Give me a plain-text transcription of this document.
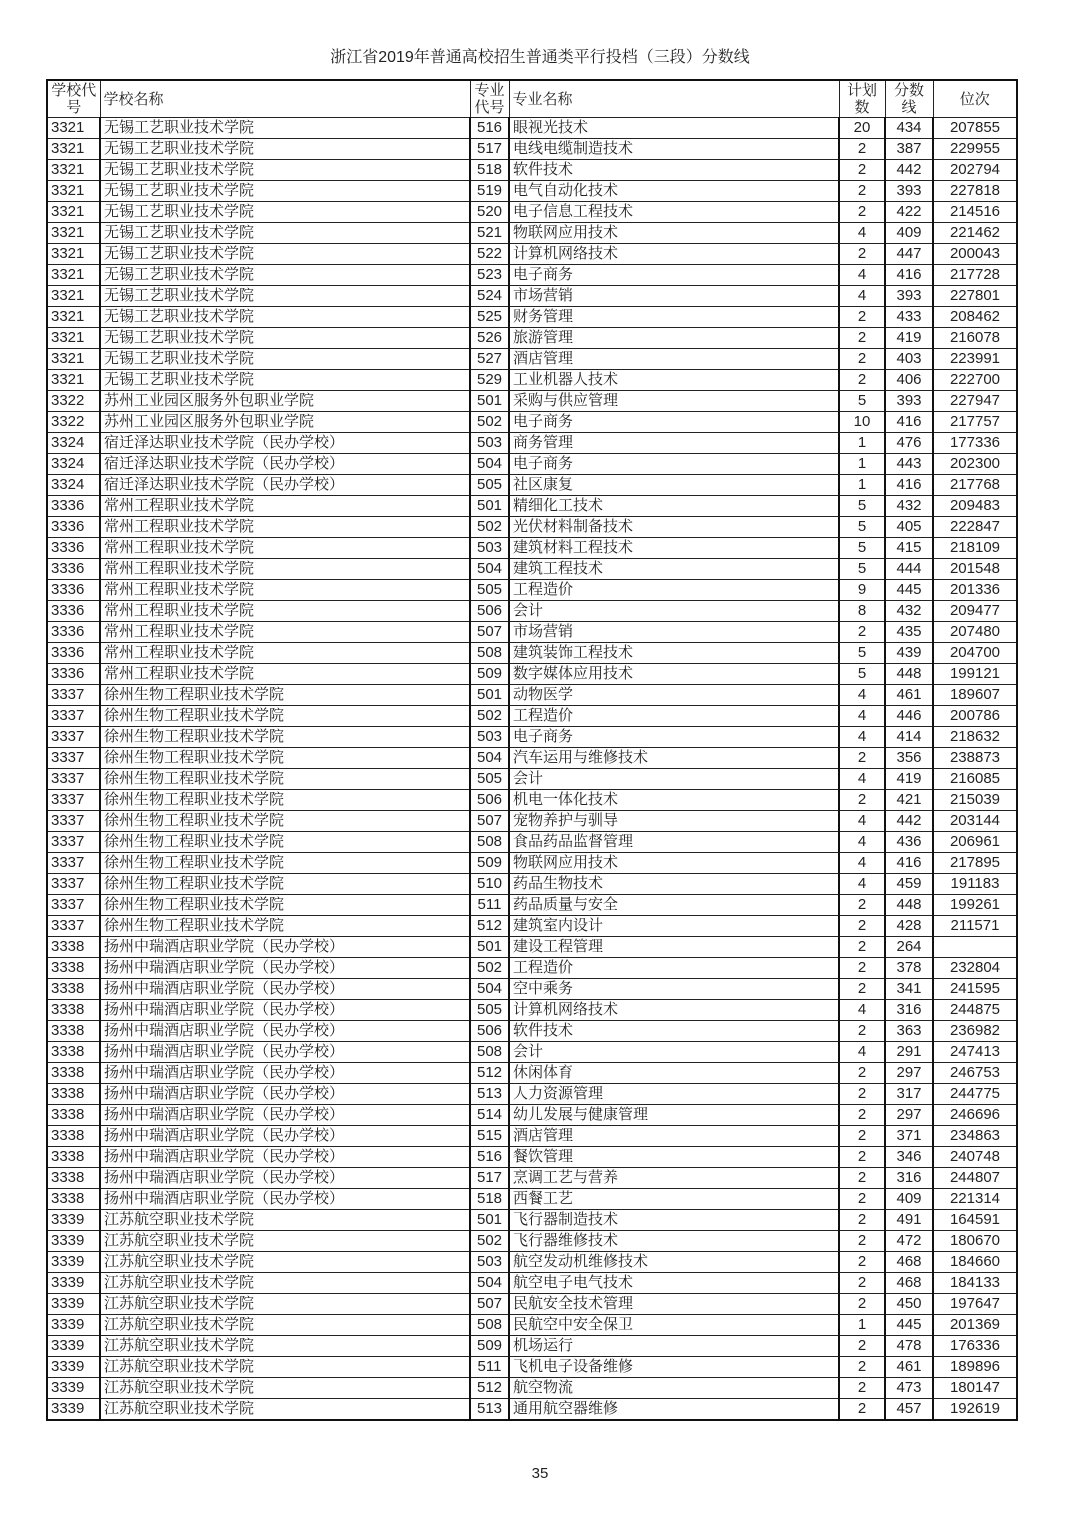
浙江省2019年普通高校招生普通类平行投档（三段）分数线
学校代号	学校名称	专业代号	专业名称	计划数	分数线	位次
3321	无锡工艺职业技术学院	516	眼视光技术	20	434	207855
3321	无锡工艺职业技术学院	517	电线电缆制造技术	2	387	229955
3321	无锡工艺职业技术学院	518	软件技术	2	442	202794
3321	无锡工艺职业技术学院	519	电气自动化技术	2	393	227818
3321	无锡工艺职业技术学院	520	电子信息工程技术	2	422	214516
3321	无锡工艺职业技术学院	521	物联网应用技术	4	409	221462
3321	无锡工艺职业技术学院	522	计算机网络技术	2	447	200043
3321	无锡工艺职业技术学院	523	电子商务	4	416	217728
3321	无锡工艺职业技术学院	524	市场营销	4	393	227801
3321	无锡工艺职业技术学院	525	财务管理	2	433	208462
3321	无锡工艺职业技术学院	526	旅游管理	2	419	216078
3321	无锡工艺职业技术学院	527	酒店管理	2	403	223991
3321	无锡工艺职业技术学院	529	工业机器人技术	2	406	222700
3322	苏州工业园区服务外包职业学院	501	采购与供应管理	5	393	227947
3322	苏州工业园区服务外包职业学院	502	电子商务	10	416	217757
3324	宿迁泽达职业技术学院（民办学校）	503	商务管理	1	476	177336
3324	宿迁泽达职业技术学院（民办学校）	504	电子商务	1	443	202300
3324	宿迁泽达职业技术学院（民办学校）	505	社区康复	1	416	217768
3336	常州工程职业技术学院	501	精细化工技术	5	432	209483
3336	常州工程职业技术学院	502	光伏材料制备技术	5	405	222847
3336	常州工程职业技术学院	503	建筑材料工程技术	5	415	218109
3336	常州工程职业技术学院	504	建筑工程技术	5	444	201548
3336	常州工程职业技术学院	505	工程造价	9	445	201336
3336	常州工程职业技术学院	506	会计	8	432	209477
3336	常州工程职业技术学院	507	市场营销	2	435	207480
3336	常州工程职业技术学院	508	建筑装饰工程技术	5	439	204700
3336	常州工程职业技术学院	509	数字媒体应用技术	5	448	199121
3337	徐州生物工程职业技术学院	501	动物医学	4	461	189607
3337	徐州生物工程职业技术学院	502	工程造价	4	446	200786
3337	徐州生物工程职业技术学院	503	电子商务	4	414	218632
3337	徐州生物工程职业技术学院	504	汽车运用与维修技术	2	356	238873
3337	徐州生物工程职业技术学院	505	会计	4	419	216085
3337	徐州生物工程职业技术学院	506	机电一体化技术	2	421	215039
3337	徐州生物工程职业技术学院	507	宠物养护与驯导	4	442	203144
3337	徐州生物工程职业技术学院	508	食品药品监督管理	4	436	206961
3337	徐州生物工程职业技术学院	509	物联网应用技术	4	416	217895
3337	徐州生物工程职业技术学院	510	药品生物技术	4	459	191183
3337	徐州生物工程职业技术学院	511	药品质量与安全	2	448	199261
3337	徐州生物工程职业技术学院	512	建筑室内设计	2	428	211571
3338	扬州中瑞酒店职业学院（民办学校）	501	建设工程管理	2	264	
3338	扬州中瑞酒店职业学院（民办学校）	502	工程造价	2	378	232804
3338	扬州中瑞酒店职业学院（民办学校）	504	空中乘务	2	341	241595
3338	扬州中瑞酒店职业学院（民办学校）	505	计算机网络技术	4	316	244875
3338	扬州中瑞酒店职业学院（民办学校）	506	软件技术	2	363	236982
3338	扬州中瑞酒店职业学院（民办学校）	508	会计	4	291	247413
3338	扬州中瑞酒店职业学院（民办学校）	512	休闲体育	2	297	246753
3338	扬州中瑞酒店职业学院（民办学校）	513	人力资源管理	2	317	244775
3338	扬州中瑞酒店职业学院（民办学校）	514	幼儿发展与健康管理	2	297	246696
3338	扬州中瑞酒店职业学院（民办学校）	515	酒店管理	2	371	234863
3338	扬州中瑞酒店职业学院（民办学校）	516	餐饮管理	2	346	240748
3338	扬州中瑞酒店职业学院（民办学校）	517	烹调工艺与营养	2	316	244807
3338	扬州中瑞酒店职业学院（民办学校）	518	西餐工艺	2	409	221314
3339	江苏航空职业技术学院	501	飞行器制造技术	2	491	164591
3339	江苏航空职业技术学院	502	飞行器维修技术	2	472	180670
3339	江苏航空职业技术学院	503	航空发动机维修技术	2	468	184660
3339	江苏航空职业技术学院	504	航空电子电气技术	2	468	184133
3339	江苏航空职业技术学院	507	民航安全技术管理	2	450	197647
3339	江苏航空职业技术学院	508	民航空中安全保卫	1	445	201369
3339	江苏航空职业技术学院	509	机场运行	2	478	176336
3339	江苏航空职业技术学院	511	飞机电子设备维修	2	461	189896
3339	江苏航空职业技术学院	512	航空物流	2	473	180147
3339	江苏航空职业技术学院	513	通用航空器维修	2	457	192619
35
